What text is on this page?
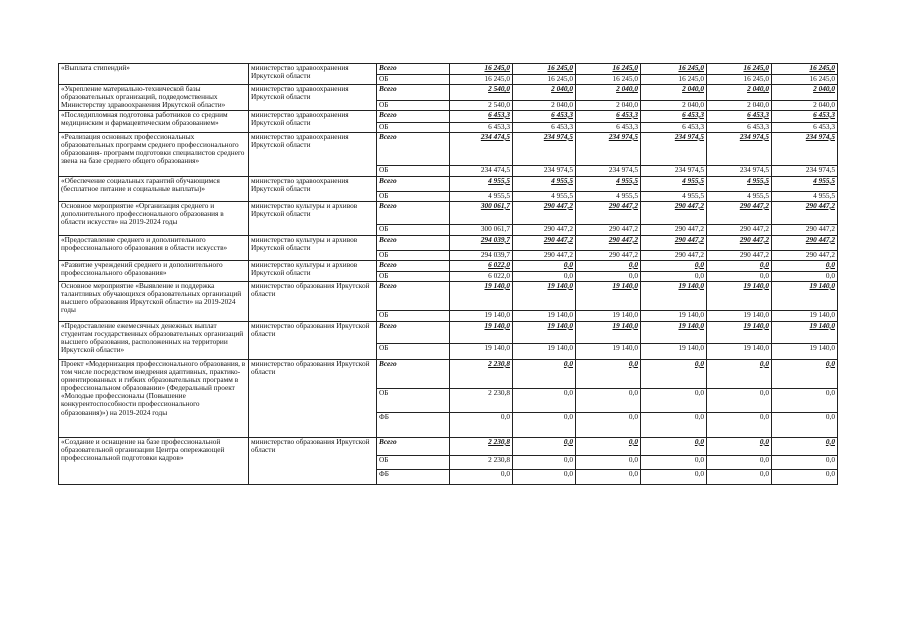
«Выплата стипендий»	министерство здравоохранения Иркутской области	Всего	16 245,0	16 245,0	16 245,0	16 245,0	16 245,0	16 245,0
		ОБ	16 245,0	16 245,0	16 245,0	16 245,0	16 245,0	16 245,0
«Укрепление материально-технической базы образовательных организаций, подведомственных Министерству здравоохранения Иркутской области»	министерство здравоохранения Иркутской области	Всего	2 540,0	2 040,0	2 040,0	2 040,0	2 040,0	2 040,0
		ОБ	2 540,0	2 040,0	2 040,0	2 040,0	2 040,0	2 040,0
«Последипломная подготовка работников со средним медицинским и фармацевтическим образованием»	министерство здравоохранения Иркутской области	Всего	6 453,3	6 453,3	6 453,3	6 453,3	6 453,3	6 453,3
		ОБ	6 453,3	6 453,3	6 453,3	6 453,3	6 453,3	6 453,3
«Реализация основных профессиональных образовательных программ среднего профессионального образования- программ подготовки специалистов среднего звена на базе среднего общего образования»	министерство здравоохранения Иркутской области	Всего	234 474,5	234 974,5	234 974,5	234 974,5	234 974,5	234 974,5
		ОБ	234 474,5	234 974,5	234 974,5	234 974,5	234 974,5	234 974,5
«Обеспечение социальных гарантий обучающимся (бесплатное питание и социальные выплаты)»	министерство здравоохранения Иркутской области	Всего	4 955,5	4 955,5	4 955,5	4 955,5	4 955,5	4 955,5
		ОБ	4 955,5	4 955,5	4 955,5	4 955,5	4 955,5	4 955,5
Основное мероприятие «Организация среднего и дополнительного профессионального образования в области искусств» на 2019-2024 годы	министерство культуры и архивов Иркутской области	Всего	300 061,7	290 447,2	290 447,2	290 447,2	290 447,2	290 447,2
		ОБ	300 061,7	290 447,2	290 447,2	290 447,2	290 447,2	290 447,2
«Предоставление среднего и дополнительного профессионального образования в области искусств»	министерство культуры и архивов Иркутской области	Всего	294 039,7	290 447,2	290 447,2	290 447,2	290 447,2	290 447,2
		ОБ	294 039,7	290 447,2	290 447,2	290 447,2	290 447,2	290 447,2
«Развитие учреждений среднего и дополнительного профессионального образования»	министерство культуры и архивов Иркутской области	Всего	6 022,0	0,0	0,0	0,0	0,0	0,0
		ОБ	6 022,0	0,0	0,0	0,0	0,0	0,0
Основное мероприятие «Выявление и поддержка талантливых обучающихся образовательных организаций высшего образования Иркутской области» на 2019-2024 годы	министерство образования Иркутской области	Всего	19 140,0	19 140,0	19 140,0	19 140,0	19 140,0	19 140,0
		ОБ	19 140,0	19 140,0	19 140,0	19 140,0	19 140,0	19 140,0
«Предоставление ежемесячных денежных выплат студентам государственных образовательных организаций высшего образования, расположенных на территории Иркутской области»	министерство образования Иркутской области	Всего	19 140,0	19 140,0	19 140,0	19 140,0	19 140,0	19 140,0
		ОБ	19 140,0	19 140,0	19 140,0	19 140,0	19 140,0	19 140,0
Проект «Модернизация профессионального образования, в том числе посредством внедрения адаптивных, практико-ориентированных и гибких образовательных программ в профессиональном образовании» (Федеральный проект «Молодые профессионалы (Повышение конкурентоспособности профессионального образования)») на 2019-2024 годы	министерство образования Иркутской области	Всего	2 230,8	0,0	0,0	0,0	0,0	0,0
		ОБ	2 230,8	0,0	0,0	0,0	0,0	0,0
		ФБ	0,0	0,0	0,0	0,0	0,0	0,0
«Создание и оснащение на базе профессиональной образовательной организации Центра опережающей профессиональной подготовки кадров»	министерство образования Иркутской области	Всего	2 230,8	0,0	0,0	0,0	0,0	0,0
		ОБ	2 230,8	0,0	0,0	0,0	0,0	0,0
		ФБ	0,0	0,0	0,0	0,0	0,0	0,0
